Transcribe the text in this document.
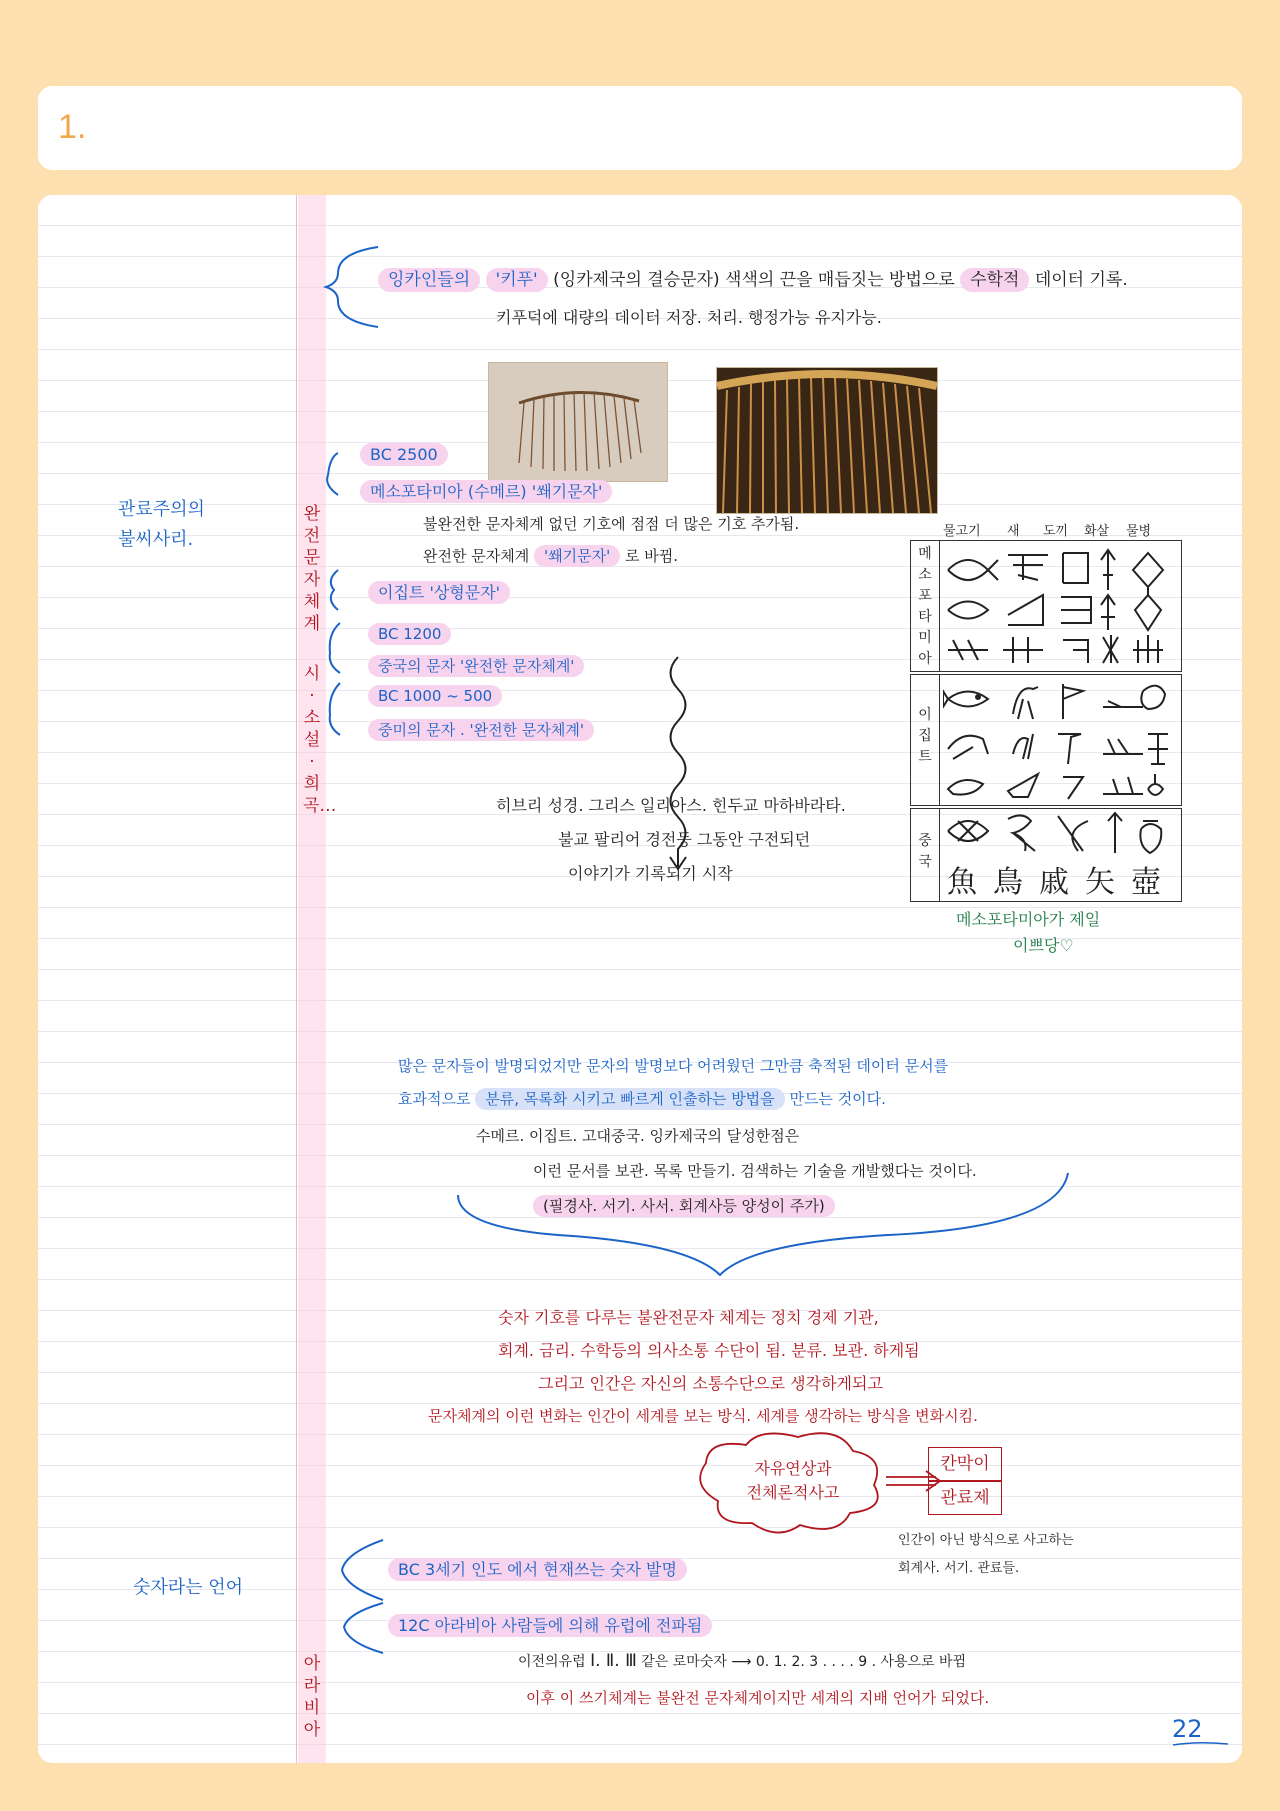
1.
관료주의의
불씨사리.
숫자라는 언어
완전문자체계
시·소설·희곡…
아라비아
잉카인들의 '키푸' (잉카제국의 결승문자) 색색의 끈을 매듭짓는 방법으로 수학적 데이터 기록.
키푸덕에 대량의 데이터 저장. 처리. 행정가능 유지가능.
BC 2500
메소포타미아 (수메르) '쐐기문자'
불완전한 문자체계 없던 기호에 점점 더 많은 기호 추가됨.
완전한 문자체계 '쐐기문자' 로 바뀜.
이집트 '상형문자'
BC 1200
중국의 문자 '완전한 문자체계'
BC 1000 ~ 500
중미의 문자 . '완전한 문자체계'
히브리 성경. 그리스 일리아스. 힌두교 마하바라타.
불교 팔리어 경전등 그동안 구전되던
이야기가 기록되기 시작
물고기 새 도끼 화살 물병
메소포타미아
이집트
중국
魚 鳥 戚 矢 壺
메소포타미아가 제일
이쁘당♡
많은 문자들이 발명되었지만 문자의 발명보다 어려웠던 그만큼 축적된 데이터 문서를
효과적으로 분류, 목록화 시키고 빠르게 인출하는 방법을 만드는 것이다.
수메르. 이집트. 고대중국. 잉카제국의 달성한점은
이런 문서를 보관. 목록 만들기. 검색하는 기술을 개발했다는 것이다.
(필경사. 서기. 사서. 회계사등 양성이 주가)
숫자 기호를 다루는 불완전문자 체계는 정치 경제 기관,
회계. 금리. 수학등의 의사소통 수단이 됨. 분류. 보관. 하게됨
그리고 인간은 자신의 소통수단으로 생각하게되고
문자체계의 이런 변화는 인간이 세계를 보는 방식. 세계를 생각하는 방식을 변화시킴.
자유연상과
전체론적사고
칸막이
관료제
인간이 아닌 방식으로 사고하는
회계사. 서기. 관료들.
BC 3세기 인도 에서 현재쓰는 숫자 발명
12C 아라비아 사람들에 의해 유럽에 전파됨
이전의유럽 Ⅰ. Ⅱ. Ⅲ 같은 로마숫자 ⟶ 0. 1. 2. 3 . . . . 9 . 사용으로 바뀜
이후 이 쓰기체계는 불완전 문자체계이지만 세계의 지배 언어가 되었다.
22
